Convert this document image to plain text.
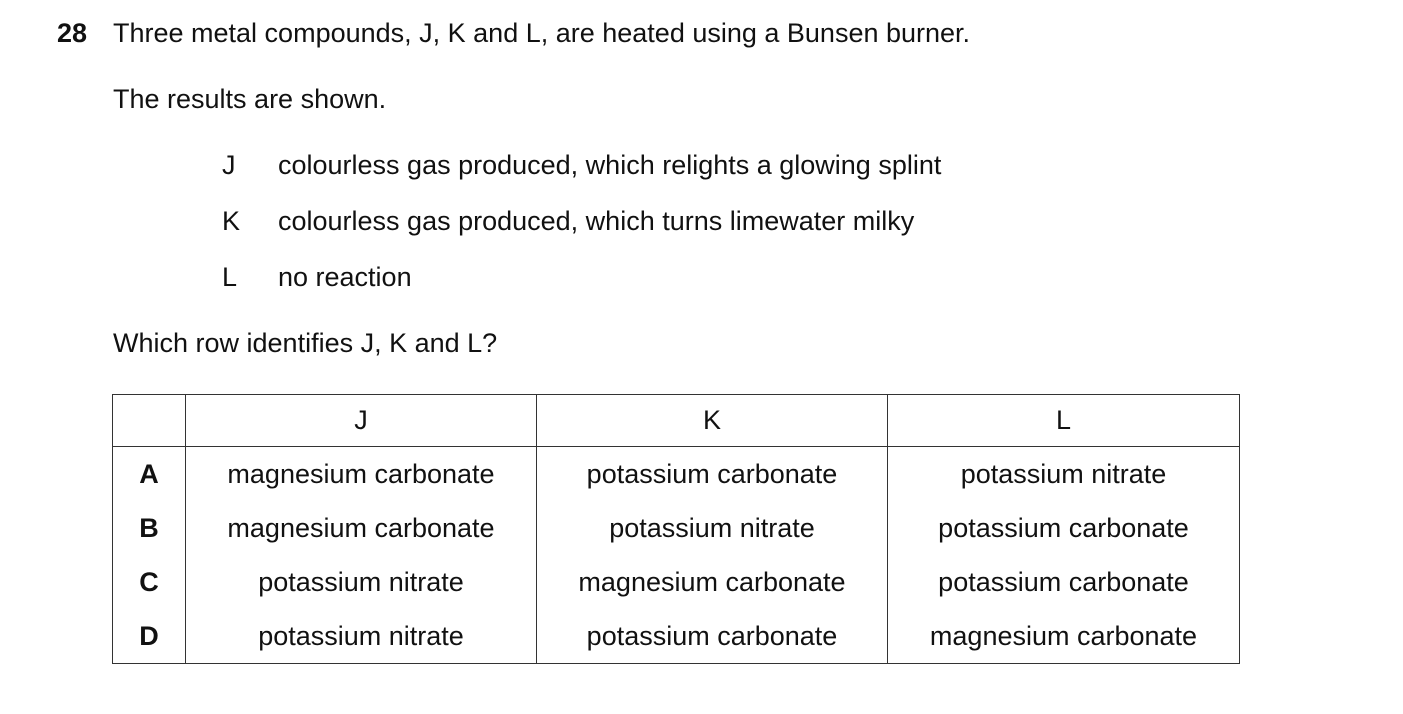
28 Three metal compounds, J, K and L, are heated using a Bunsen burner.
The results are shown.
J colourless gas produced, which relights a glowing splint
K colourless gas produced, which turns limewater milky
L no reaction
Which row identifies J, K and L?
	J	K	L
A	magnesium carbonate	potassium carbonate	potassium nitrate
B	magnesium carbonate	potassium nitrate	potassium carbonate
C	potassium nitrate	magnesium carbonate	potassium carbonate
D	potassium nitrate	potassium carbonate	magnesium carbonate
